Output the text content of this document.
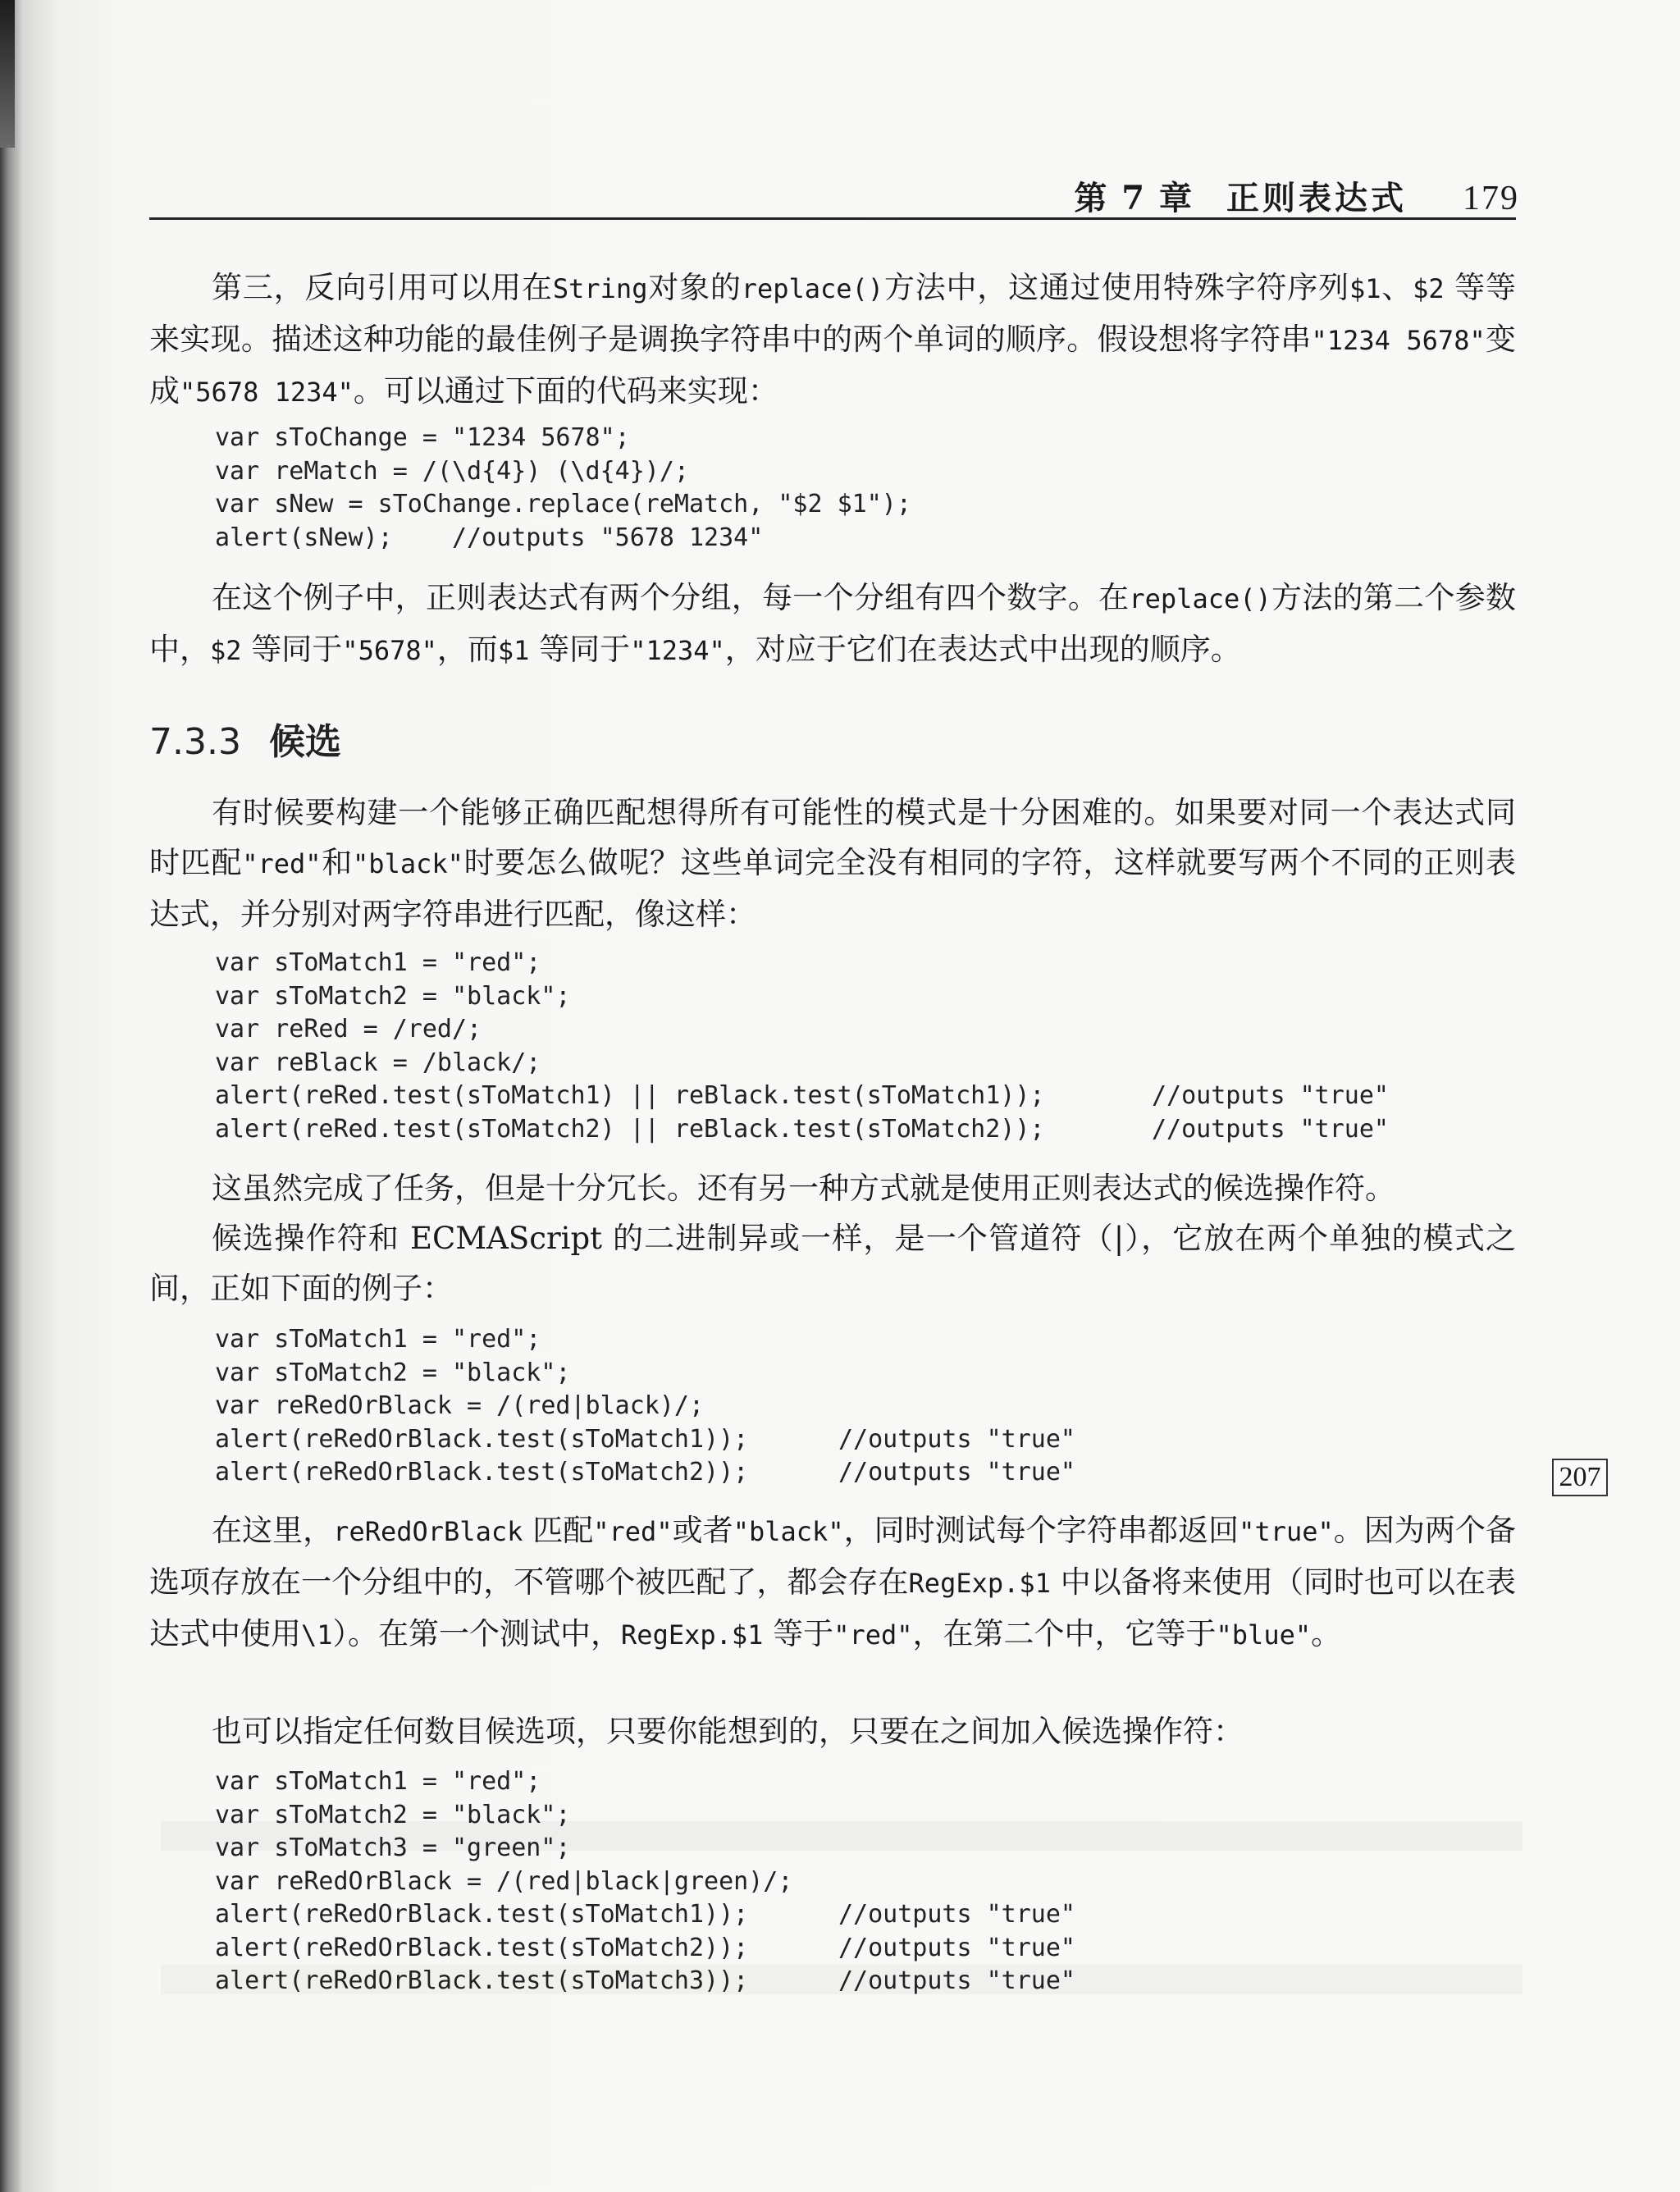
第 7 章 正则表达式 179

第三，反向引用可以用在String对象的replace()方法中，这通过使用特殊字符序列$1、$2 等等来实现。描述这种功能的最佳例子是调换字符串中的两个单词的顺序。假设想将字符串"1234 5678"变成"5678 1234"。可以通过下面的代码来实现：

var sToChange = "1234 5678";

var reMatch = /(\d{4}) (\d{4})/;

var sNew = sToChange.replace(reMatch, "$2 $1");

alert(sNew);    //outputs "5678 1234"

在这个例子中，正则表达式有两个分组，每一个分组有四个数字。在replace()方法的第二个参数中，$2 等同于"5678"，而$1 等同于"1234"，对应于它们在表达式中出现的顺序。

7.3.3 候选

有时候要构建一个能够正确匹配想得所有可能性的模式是十分困难的。如果要对同一个表达式同时匹配"red"和"black"时要怎么做呢？这些单词完全没有相同的字符，这样就要写两个不同的正则表达式，并分别对两字符串进行匹配，像这样：

var sToMatch1 = "red";

var sToMatch2 = "black";

var reRed = /red/;

var reBlack = /black/;

alert(reRed.test(sToMatch1) || reBlack.test(sToMatch1));

	//outputs "true"

alert(reRed.test(sToMatch2) || reBlack.test(sToMatch2));

	//outputs "true"

这虽然完成了任务，但是十分冗长。还有另一种方式就是使用正则表达式的候选操作符。

候选操作符和 ECMAScript 的二进制异或一样，是一个管道符（|），它放在两个单独的模式之间，正如下面的例子：

var sToMatch1 = "red";

var sToMatch2 = "black";

var reRedOrBlack = /(red|black)/;

alert(reRedOrBlack.test(sToMatch1));

	//outputs "true"

alert(reRedOrBlack.test(sToMatch2));

	//outputs "true"	207

在这里，reRedOrBlack 匹配"red"或者"black"，同时测试每个字符串都返回"true"。因为两个备选项存放在一个分组中的，不管哪个被匹配了，都会存在RegExp.$1 中以备将来使用（同时也可以在表达式中使用\1）。在第一个测试中，RegExp.$1 等于"red"，在第二个中，它等于"blue"。

也可以指定任何数目候选项，只要你能想到的，只要在之间加入候选操作符：

var sToMatch1 = "red";

var sToMatch2 = "black";

var sToMatch3 = "green";

var reRedOrBlack = /(red|black|green)/;

alert(reRedOrBlack.test(sToMatch1));

	//outputs "true"

alert(reRedOrBlack.test(sToMatch2));

	//outputs "true"

alert(reRedOrBlack.test(sToMatch3));

	//outputs "true"
